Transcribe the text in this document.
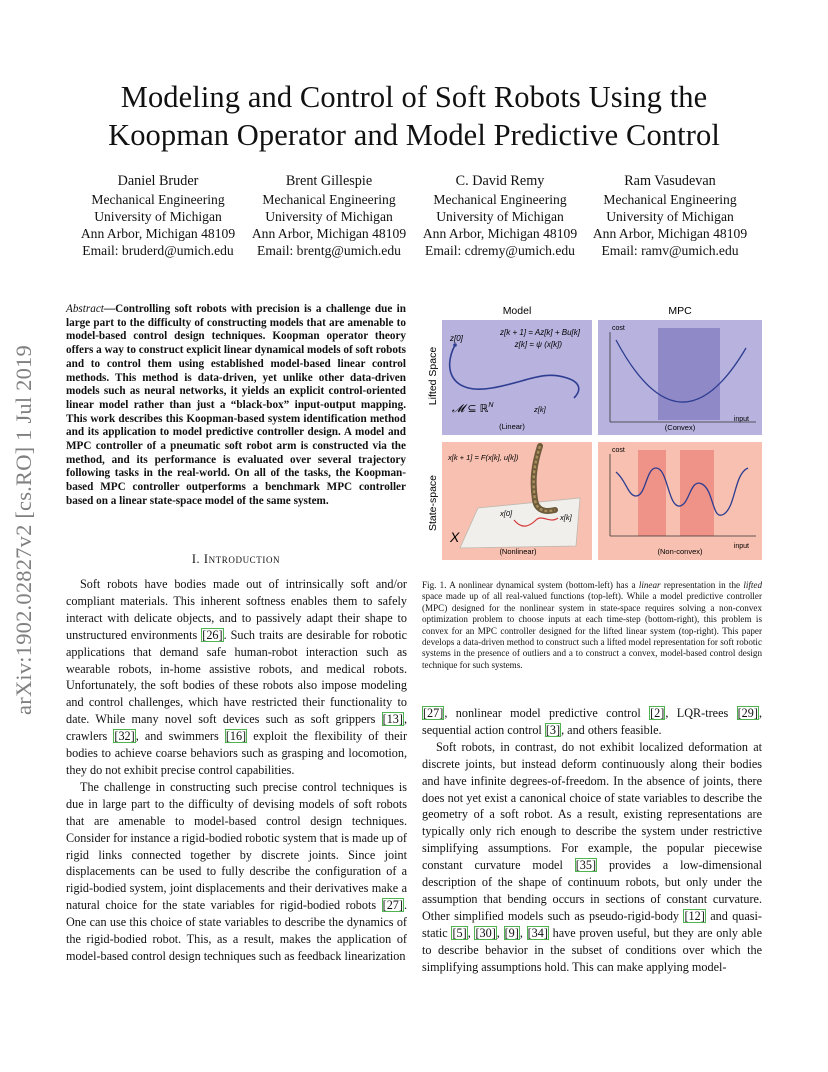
arXiv:1902.02827v2 [cs.RO] 1 Jul 2019
Modeling and Control of Soft Robots Using the
Koopman Operator and Model Predictive Control
Daniel Bruder
Mechanical Engineering
University of Michigan
Ann Arbor, Michigan 48109
Email: bruderd@umich.edu
Brent Gillespie
Mechanical Engineering
University of Michigan
Ann Arbor, Michigan 48109
Email: brentg@umich.edu
C. David Remy
Mechanical Engineering
University of Michigan
Ann Arbor, Michigan 48109
Email: cdremy@umich.edu
Ram Vasudevan
Mechanical Engineering
University of Michigan
Ann Arbor, Michigan 48109
Email: ramv@umich.edu
Abstract—Controlling soft robots with precision is a challenge due in large part to the difficulty of constructing models that are amenable to model-based control design techniques. Koopman operator theory offers a way to construct explicit linear dynamical models of soft robots and to control them using established model-based linear control methods. This method is data-driven, yet unlike other data-driven models such as neural networks, it yields an explicit control-oriented linear model rather than just a “black-box” input-output mapping. This work describes this Koopman-based system identification method and its application to model predictive controller design. A model and MPC controller of a pneumatic soft robot arm is constructed via the method, and its performance is evaluated over several trajectory following tasks in the real-world. On all of the tasks, the Koopman-based MPC controller outperforms a benchmark MPC controller based on a linear state-space model of the same system.
I. Introduction

Soft robots have bodies made out of intrinsically soft and/or compliant materials. This inherent softness enables them to safely interact with delicate objects, and to passively adapt their shape to unstructured environments [26]. Such traits are desirable for robotic applications that demand safe human-robot interaction such as wearable robots, in-home assistive robots, and medical robots. Unfortunately, the soft bodies of these robots also impose modeling and control challenges, which have restricted their functionality to date. While many novel soft devices such as soft grippers [13], crawlers [32], and swimmers [16] exploit the flexibility of their bodies to achieve coarse behaviors such as grasping and locomotion, they do not exhibit precise control capabilities.

The challenge in constructing such precise control techniques is due in large part to the difficulty of devising models of soft robots that are amenable to model-based control design techniques. Consider for instance a rigid-bodied robotic system that is made up of rigid links connected together by discrete joints. Since joint displacements can be used to fully describe the configuration of a rigid-bodied system, joint displacements and their derivatives make a natural choice for the state variables for rigid-bodied robots [27]. One can use this choice of state variables to describe the dynamics of the rigid-bodied robot. This, as a result, makes the application of model-based control design techniques such as feedback linearization

Model	MPC
Lifted Space
State-space
z[0]
z[k + 1] = Az[k] + Bu[k]
z[k] = ψ (x[k])
𝓜 ⊆ ℝ$^N$	z[k]
(Linear)
cost
input
(Convex)
x[k + 1] = F(x[k], u[k])
x[0]	x[k]
X
(Nonlinear)
cost
input
(Non-convex)
Fig. 1. A nonlinear dynamical system (bottom-left) has a linear representation in the lifted space made up of all real-valued functions (top-left). While a model predictive controller (MPC) designed for the nonlinear system in state-space requires solving a non-convex optimization problem to choose inputs at each time-step (bottom-right), this problem is convex for an MPC controller designed for the lifted linear system (top-right). This paper develops a data-driven method to construct such a lifted model representation for soft robotic systems in the presence of outliers and a to construct a convex, model-based control design technique for such systems.

[27], nonlinear model predictive control [2], LQR-trees [29], sequential action control [3], and others feasible.

Soft robots, in contrast, do not exhibit localized deformation at discrete joints, but instead deform continuously along their bodies and have infinite degrees-of-freedom. In the absence of joints, there does not yet exist a canonical choice of state variables to describe the geometry of a soft robot. As a result, existing representations are typically only rich enough to describe the system under restrictive simplifying assumptions. For example, the popular piecewise constant curvature model [35] provides a low-dimensional description of the shape of continuum robots, but only under the assumption that bending occurs in sections of constant curvature. Other simplified models such as pseudo-rigid-body [12] and quasi-static [5], [30], [9], [34] have proven useful, but they are only able to describe behavior in the subset of conditions over which the simplifying assumptions hold. This can make applying model-
